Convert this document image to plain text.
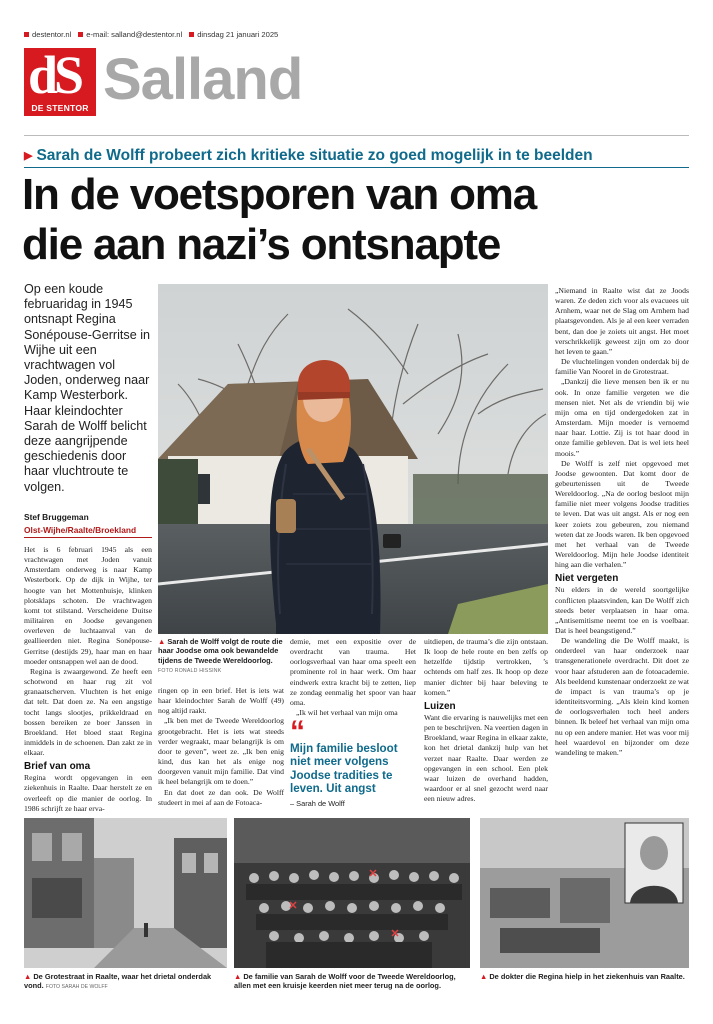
destentor.nl	e-mail: salland@destentor.nl	dinsdag 21 januari 2025
dS
DE STENTOR Salland
▶ Sarah de Wolff probeert zich kritieke situatie zo goed mogelijk in te beelden
In de voetsporen van oma
die aan nazi’s ontsnapte
Op een koude februaridag in 1945 ontsnapt Regina Sonépouse-Gerritse in Wijhe uit een vrachtwagen vol Joden, onderweg naar Kamp Westerbork. Haar kleindochter Sarah de Wolff belicht deze aangrijpende geschiedenis door haar vluchtroute te volgen.
Stef Bruggeman
Olst-Wijhe/Raalte/Broekland

Het is 6 februari 1945 als een vrachtwagen met Joden vanuit Amsterdam onderweg is naar Kamp Westerbork. Op de dijk in Wijhe, ter hoogte van het Mottenhuisje, klinken plotsklaps schoten. De vrachtwagen komt tot stilstand. Verscheidene Duitse militairen en Joodse gevangenen overleven de luchtaanval van de geallieerden niet. Regina Sonépouse-Gerritse (destijds 29), haar man en haar moeder ontsnappen wel aan de dood.

Regina is zwaargewond. Ze heeft een schotwond en haar rug zit vol granaatscherven. Vluchten is het enige dat telt. Dat doen ze. Na een angstige tocht langs slootjes, prikkeldraad en bossen bereiken ze boer Janssen in Broekland. Het bloed staat Regina inmiddels in de schoenen. Dan zakt ze in elkaar.

Brief van oma

Regina wordt opgevangen in een ziekenhuis in Raalte. Daar herstelt ze en overleeft op die manier de oorlog. In 1986 schrijft ze haar erva-

▲ Sarah de Wolff volgt de route die haar Joodse oma ook bewandelde tijdens de Tweede Wereldoorlog. FOTO RONALD HISSINK

ringen op in een brief. Het is iets wat haar kleindochter Sarah de Wolff (49) nog altijd raakt.

„Ik ben met de Tweede Wereldoorlog grootgebracht. Het is iets wat steeds verder wegraakt, maar belangrijk is om door te geven”, weet ze. „Ik ben enig kind, dus kan het als enige nog doorgeven vanuit mijn familie. Dat vind ik heel belangrijk om te doen.”

En dat doet ze dan ook. De Wolff studeert in mei af aan de Fotoaca-

demie, met een expositie over de overdracht van trauma. Het oorlogsverhaal van haar oma speelt een prominente rol in haar werk. Om haar eindwerk extra kracht bij te zetten, liep ze zondag eenmalig het spoor van haar oma.

„Ik wil het verhaal van mijn oma

“
Mijn familie besloot niet meer volgens Joodse tradities te leven. Uit angst
– Sarah de Wolff

uitdiepen, de trauma’s die zijn ontstaan. Ik loop de hele route en ben zelfs op hetzelfde tijdstip vertrokken, ’s ochtends om half zes. Ik hoop op deze manier dichter bij haar beleving te komen.”

Luizen

Want die ervaring is nauwelijks met een pen te beschrijven. Na veertien dagen in Broekland, waar Regina in elkaar zakte, kon het drietal dankzij hulp van het verzet naar Raalte. Daar werden ze opgevangen in een school. Een plek waar luizen de overhand hadden, waardoor er al snel gezocht werd naar een nieuw adres.

„Niemand in Raalte wist dat ze Joods waren. Ze deden zich voor als evacuees uit Arnhem, waar net de Slag om Arnhem had plaatsgevonden. Als je al een keer verraden bent, dan doe je zoiets uit angst. Het moet verschrikkelijk geweest zijn om zo door het leven te gaan.”

De vluchtelingen vonden onderdak bij de familie Van Noorel in de Grotestraat.

„Dankzij die lieve mensen ben ik er nu ook. In onze familie vergeten we die mensen niet. Net als de vriendin bij wie mijn oma en tijd ondergedoken zat in Amsterdam. Mijn moeder is vernoemd naar haar. Lottie. Zij is tot haar dood in onze familie gebleven. Dat is wel iets heel moois.”

De Wolff is zelf niet opgevoed met Joodse gewoonten. Dat komt door de gebeurtenissen uit de Tweede Wereldoorlog. „Na de oorlog besloot mijn familie niet meer volgens Joodse tradities te leven. Dat was uit angst. Als er nog een keer zoiets zou gebeuren, zou niemand weten dat ze Joods waren. Ik ben opgevoed met het verhaal van de Tweede Wereldoorlog. Mijn hele Joodse identiteit hing aan die verhalen.”

Niet vergeten

Nu elders in de wereld soortgelijke conflicten plaatsvinden, kan De Wolff zich steeds beter verplaatsen in haar oma. „Antisemitisme neemt toe en is voelbaar. Dat is heel beangstigend.”

De wandeling die De Wolff maakt, is onderdeel van haar onderzoek naar transgenerationele overdracht. Dit doet ze voor haar afstuderen aan de fotoacademie. Als beeldend kunstenaar onderzoekt ze wat de impact is van trauma’s op je identiteitsvorming. „Als klein kind komen de oorlogsverhalen toch heel anders binnen. Ik beleef het verhaal van mijn oma nu op een andere manier. Het was voor mij heel waardevol en bijzonder om deze wandeling te maken.”

▲ De Grotestraat in Raalte, waar het drietal onderdak vond. FOTO SARAH DE WOLFF
▲ De familie van Sarah de Wolff voor de Tweede Wereldoorlog, allen met een kruisje keerden niet meer terug na de oorlog.
▲ De dokter die Regina hielp in het ziekenhuis van Raalte.
